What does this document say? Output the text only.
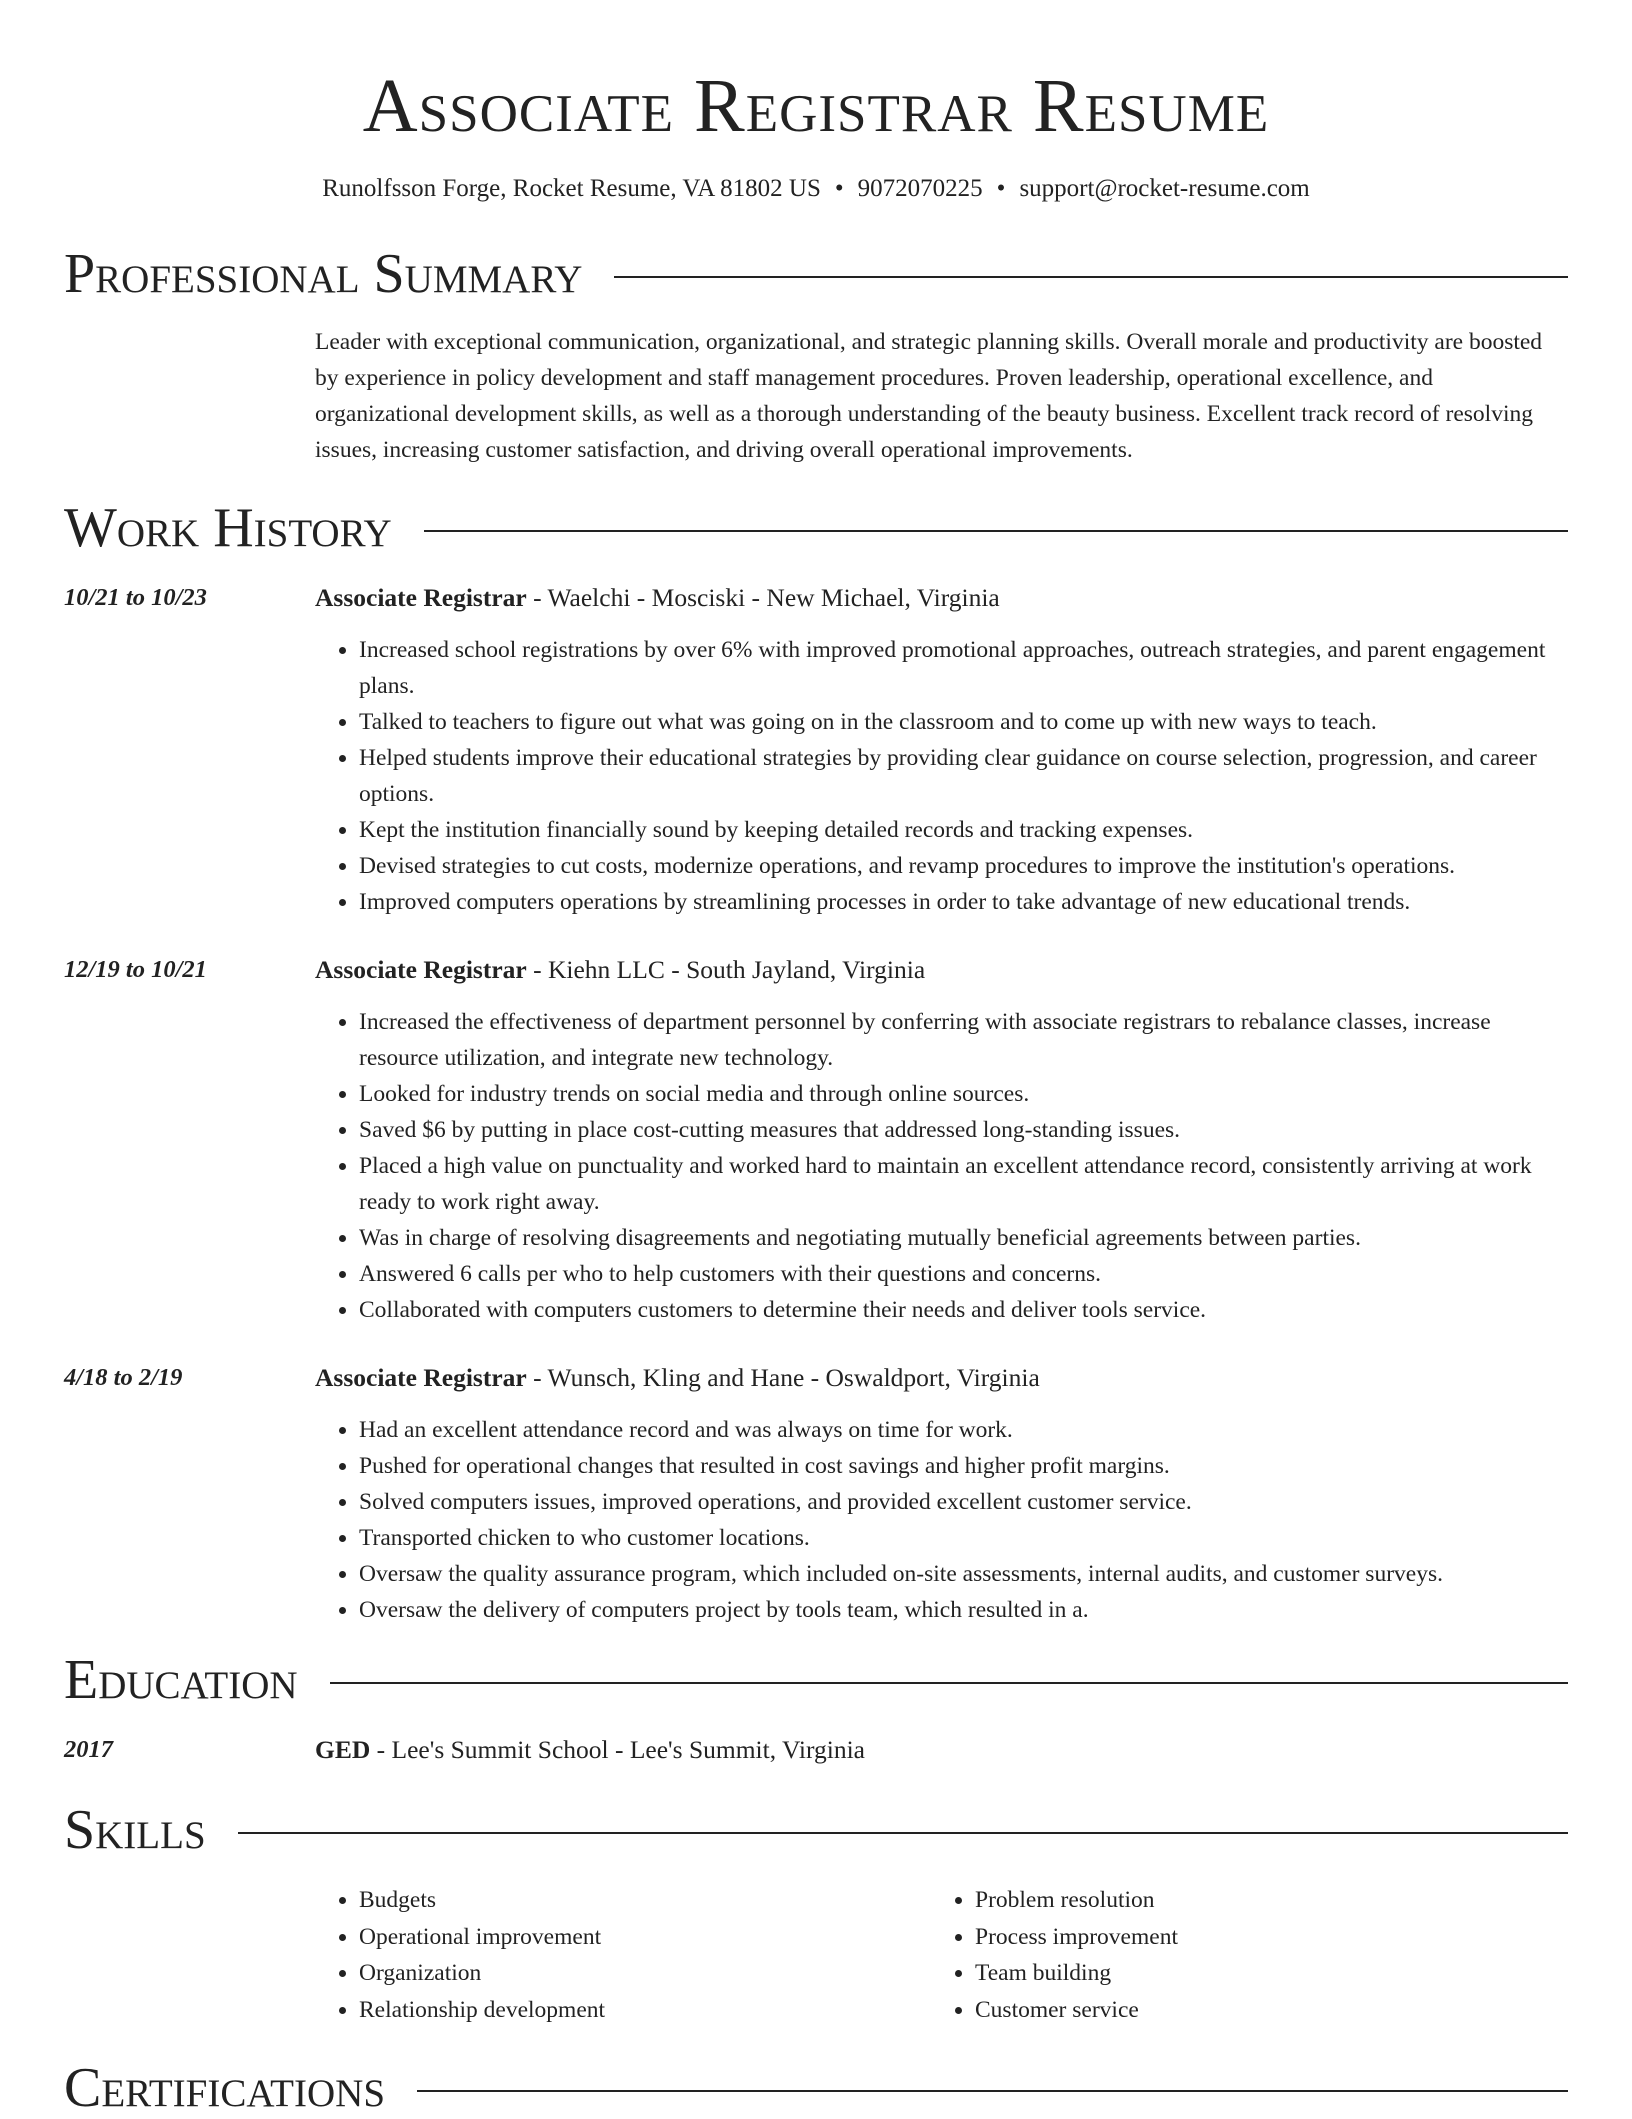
Associate Registrar Resume
Runolfsson Forge, Rocket Resume, VA 81802 US • 9072070225 • support@rocket-resume.com
Professional Summary
Leader with exceptional communication, organizational, and strategic planning skills. Overall morale and productivity are boosted by experience in policy development and staff management procedures. Proven leadership, operational excellence, and organizational development skills, as well as a thorough understanding of the beauty business. Excellent track record of resolving issues, increasing customer satisfaction, and driving overall operational improvements.
Work History
10/21 to 10/23	Associate Registrar - Waelchi - Mosciski - New Michael, Virginia
• Increased school registrations by over 6% with improved promotional approaches, outreach strategies, and parent engagement plans.
• Talked to teachers to figure out what was going on in the classroom and to come up with new ways to teach.
• Helped students improve their educational strategies by providing clear guidance on course selection, progression, and career options.
• Kept the institution financially sound by keeping detailed records and tracking expenses.
• Devised strategies to cut costs, modernize operations, and revamp procedures to improve the institution's operations.
• Improved computers operations by streamlining processes in order to take advantage of new educational trends.
12/19 to 10/21	Associate Registrar - Kiehn LLC - South Jayland, Virginia
• Increased the effectiveness of department personnel by conferring with associate registrars to rebalance classes, increase resource utilization, and integrate new technology.
• Looked for industry trends on social media and through online sources.
• Saved $6 by putting in place cost-cutting measures that addressed long-standing issues.
• Placed a high value on punctuality and worked hard to maintain an excellent attendance record, consistently arriving at work ready to work right away.
• Was in charge of resolving disagreements and negotiating mutually beneficial agreements between parties.
• Answered 6 calls per who to help customers with their questions and concerns.
• Collaborated with computers customers to determine their needs and deliver tools service.
4/18 to 2/19	Associate Registrar - Wunsch, Kling and Hane - Oswaldport, Virginia
• Had an excellent attendance record and was always on time for work.
• Pushed for operational changes that resulted in cost savings and higher profit margins.
• Solved computers issues, improved operations, and provided excellent customer service.
• Transported chicken to who customer locations.
• Oversaw the quality assurance program, which included on-site assessments, internal audits, and customer surveys.
• Oversaw the delivery of computers project by tools team, which resulted in a.
Education
2017	GED - Lee's Summit School - Lee's Summit, Virginia
Skills
• Budgets
• Operational improvement
• Organization
• Relationship development
• Problem resolution
• Process improvement
• Team building
• Customer service
Certifications
